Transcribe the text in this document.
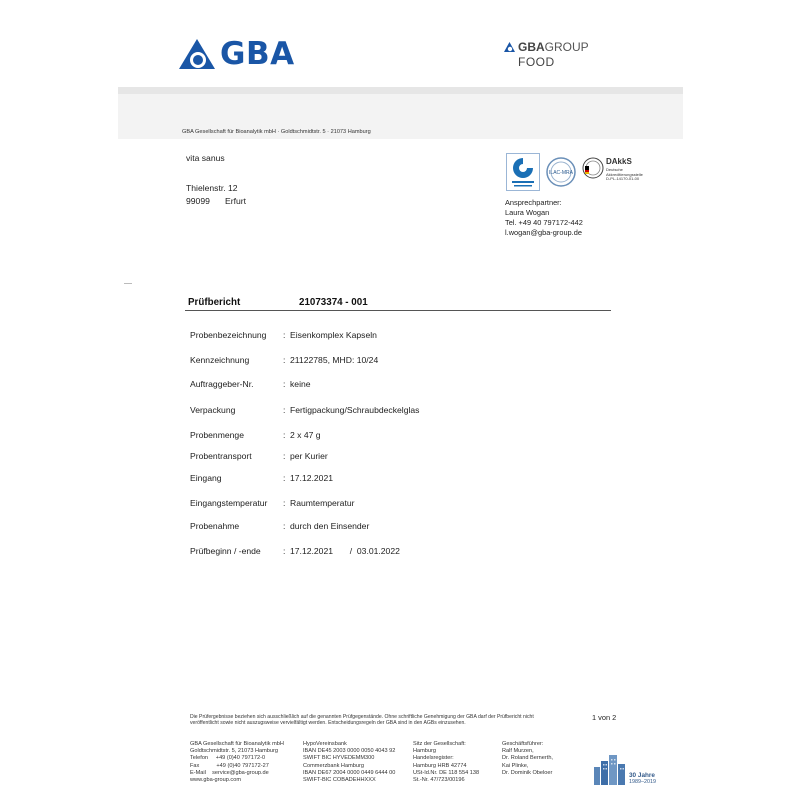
GBA	GBAGROUP
FOOD
GBA Gesellschaft für Bioanalytik mbH · Goldtschmidtstr. 5 · 21073 Hamburg
vita sanus
Thielenstr. 12
99099 Erfurt
ILAC-MRA
DAkkS
Deutsche
Akkreditierungsstelle
D-PL-14170-01-00
Ansprechpartner:
Laura Wogan
Tel. +49 40 797172-442
l.wogan@gba-group.de
Prüfbericht	21073374 - 001
Probenbezeichnung : Eisenkomplex Kapseln
Kennzeichnung	: 21122785, MHD: 10/24
Auftraggeber-Nr.	: keine
Verpackung	: Fertigpackung/Schraubdeckelglas
Probenmenge	: 2 x 47 g
Probentransport	: per Kurier
Eingang	: 17.12.2021
Eingangstemperatur : Raumtemperatur
Probenahme	: durch den Einsender
Prüfbeginn / -ende	: 17.12.2021       /  03.01.2022
Die Prüfergebnisse beziehen sich ausschließlich auf die genannten Prüfgegenstände. Ohne schriftliche Genehmigung der GBA darf der Prüfbericht nicht
veröffentlicht sowie nicht auszugsweise vervielfältigt werden. Entscheidungsregeln der GBA sind in den AGBs einzusehen.
1 von 2
GBA Gesellschaft für Bioanalytik mbH
Goldtschmidtstr. 5, 21073 Hamburg
Telefon     +49 (0)40 797172-0
Fax           +49 (0)40 797172-27
E-Mail    service@gba-group.de
www.gba-group.com
HypoVereinsbank
IBAN DE45 2003 0000 0050 4043 92
SWIFT BIC HYVEDEMM300
Commerzbank Hamburg
IBAN DE67 2004 0000 0449 6444 00
SWIFT-BIC COBADEHHXXX
Sitz der Gesellschaft:
Hamburg
Handelsregister:
Hamburg HRB 42774
USt-Id.Nr. DE 118 554 138
St.-Nr. 47/723/00196
Geschäftsführer:
Ralf Murzen,
Dr. Roland Bernerth,
Kai Plinke,
Dr. Dominik Obeloer	30 Jahre
1989–2019
